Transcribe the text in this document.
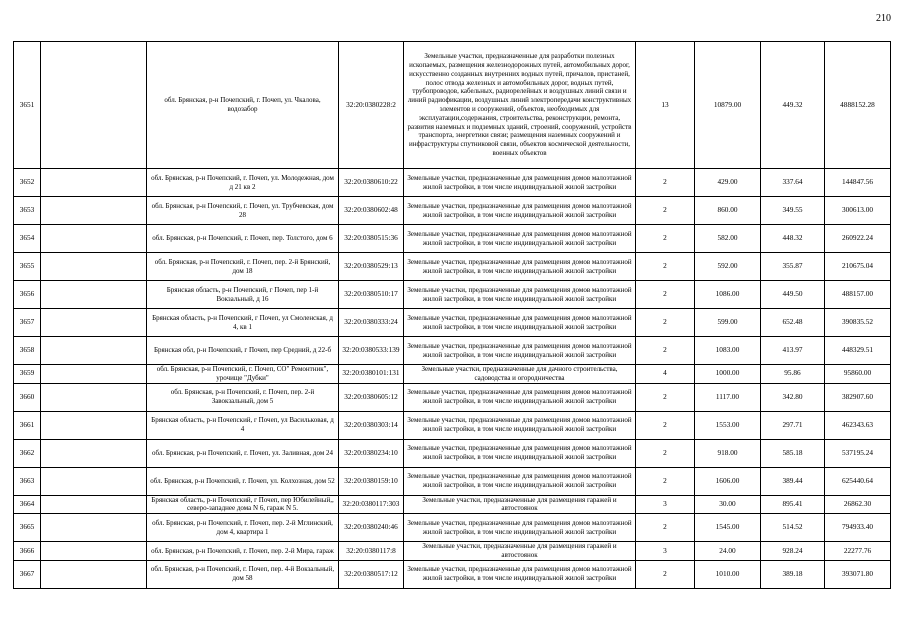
210
3651		обл. Брянская, р-н Почепский, г. Почеп, ул. Чкалова, водозабор	32:20:0380228:2	Земельные участки, предназначенные для разработки полезных ископаемых, размещения железнодорожных путей, автомобильных дорог, искусственно созданных внутренних водных путей, причалов, пристаней, полос отвода железных и автомобильных дорог, водных путей, трубопроводов, кабельных, радиорелейных и воздушных линий связи и линий радиофикации, воздушных линий электропередачи конструктивных элементов и сооружений, объектов, необходимых для эксплуатации,содержания, строительства, реконструкции, ремонта, развития наземных и подземных зданий, строений, сооружений, устройств транспорта, энергетики связи; размещения наземных сооружений и инфраструктуры спутниковой связи, объектов космической деятельности, военных объектов	13	10879.00	449.32	4888152.28
3652		обл. Брянская, р-н Почепский, г. Почеп, ул. Молодежная, дом д 21 кв 2	32:20:0380610:22	Земельные участки, предназначенные для размещения домов малоэтажной жилой застройки, в том числе индивидуальной жилой застройки	2	429.00	337.64	144847.56
3653		обл. Брянская, р-н Почепский, г. Почеп, ул. Трубчевская, дом 28	32:20:0380602:48	Земельные участки, предназначенные для размещения домов малоэтажной жилой застройки, в том числе индивидуальной жилой застройки	2	860.00	349.55	300613.00
3654		обл. Брянская, р-н Почепский, г. Почеп, пер. Толстого, дом 6	32:20:0380515:36	Земельные участки, предназначенные для размещения домов малоэтажной жилой застройки, в том числе индивидуальной жилой застройки	2	582.00	448.32	260922.24
3655		обл. Брянская, р-н Почепский, г. Почеп, пер. 2-й Брянский, дом 18	32:20:0380529:13	Земельные участки, предназначенные для размещения домов малоэтажной жилой застройки, в том числе индивидуальной жилой застройки	2	592.00	355.87	210675.04
3656		Брянская область, р-н Почепский, г Почеп, пер 1-й Вокзальный, д 16	32:20:0380510:17	Земельные участки, предназначенные для размещения домов малоэтажной жилой застройки, в том числе индивидуальной жилой застройки	2	1086.00	449.50	488157.00
3657		Брянская область, р-н Почепский, г Почеп, ул Смоленская, д 4, кв 1	32:20:0380333:24	Земельные участки, предназначенные для размещения домов малоэтажной жилой застройки, в том числе индивидуальной жилой застройки	2	599.00	652.48	390835.52
3658		Брянская обл, р-н Почепский, г Почеп, пер Средний, д 22-б	32:20:0380533:139	Земельные участки, предназначенные для размещения домов малоэтажной жилой застройки, в том числе индивидуальной жилой застройки	2	1083.00	413.97	448329.51
3659		обл. Брянская, р-н Почепский, г. Почеп, СО" Ремонтник", урочище "Дубки"	32:20:0380101:131	Земельные участки, предназначенные для дачного строительства, садоводства и огородничества	4	1000.00	95.86	95860.00
3660		обл. Брянская, р-н Почепский, г. Почеп, пер. 2-й Завокзальный, дом 5	32:20:0380605:12	Земельные участки, предназначенные для размещения домов малоэтажной жилой застройки, в том числе индивидуальной жилой застройки	2	1117.00	342.80	382907.60
3661		Брянская область, р-н Почепский, г Почеп, ул Васильковая, д 4	32:20:0380303:14	Земельные участки, предназначенные для размещения домов малоэтажной жилой застройки, в том числе индивидуальной жилой застройки	2	1553.00	297.71	462343.63
3662		обл. Брянская, р-н Почепский, г. Почеп, ул. Заливная, дом 24	32:20:0380234:10	Земельные участки, предназначенные для размещения домов малоэтажной жилой застройки, в том числе индивидуальной жилой застройки	2	918.00	585.18	537195.24
3663		обл. Брянская, р-н Почепский, г. Почеп, ул. Колхозная, дом 52	32:20:0380159:10	Земельные участки, предназначенные для размещения домов малоэтажной жилой застройки, в том числе индивидуальной жилой застройки	2	1606.00	389.44	625440.64
3664		Брянская область, р-н Почепский, г Почеп, пер Юбилейный,, северо-западнее дома N 6, гараж N 5.	32:20:0380117:303	Земельные участки, предназначенные для размещения гаражей и автостоянок	3	30.00	895.41	26862.30
3665		обл. Брянская, р-н Почепский, г. Почеп, пер. 2-й Мглинский, дом 4, квартира 1	32:20:0380240:46	Земельные участки, предназначенные для размещения домов малоэтажной жилой застройки, в том числе индивидуальной жилой застройки	2	1545.00	514.52	794933.40
3666		обл. Брянская, р-н Почепский, г. Почеп, пер. 2-й Мира, гараж	32:20:0380117:8	Земельные участки, предназначенные для размещения гаражей и автостоянок	3	24.00	928.24	22277.76
3667		обл. Брянская, р-н Почепский, г. Почеп, пер. 4-й Вокзальный, дом 58	32:20:0380517:12	Земельные участки, предназначенные для размещения домов малоэтажной жилой застройки, в том числе индивидуальной жилой застройки	2	1010.00	389.18	393071.80
